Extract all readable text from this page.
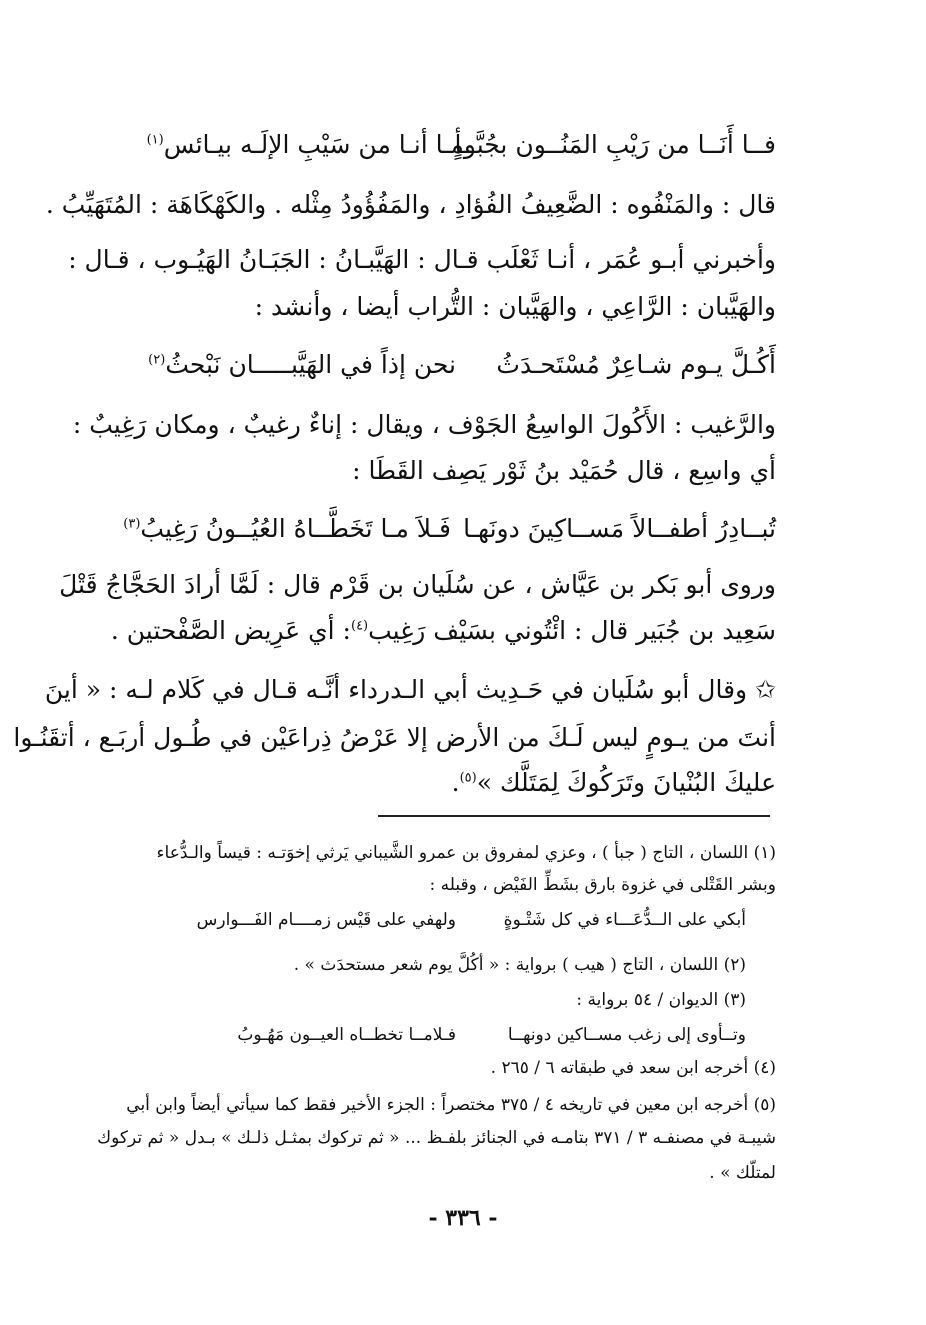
فــا أَنَــا من رَيْبِ المَنُــون بجُبَّــأٍ
ومـا أنـا من سَيْبِ الإلَـه بيـائس$^{(١)}$
قال : والمَنْفُوه : الضَّعِيفُ الفُؤادِ ، والمَفُؤُودُ مِثْله . والكَهْكَاهَة : المُتَهَيِّبُ .
وأخبرني أبـو عُمَر ، أنـا ثَعْلَب قـال : الهَيَّبـانُ : الجَبَـانُ الهَيُـوب ، قـال :
والهَيَّبان : الرَّاعِي ، والهَيَّبان : التُّراب أيضا ، وأنشد :
أَكُـلَّ يـوم شـاعِرٌ مُسْتَحـدَثُ
نحن إذاً في الهَيَّبـــــان نَبْحثُ$^{(٢)}$
والرَّغيب : الأَكُولَ الواسِعُ الجَوْف ، ويقال : إناءٌ رغيبٌ ، ومكان رَغِيبٌ :
أي واسِع ، قال حُمَيْد بنُ ثَوْر يَصِف القَطَا :
تُبــادِرُ أطفــالاً مَســاكِينَ دونَهـا
فَـلاَ مـا تَخَطَّــاهُ العُيُــونُ رَغِيبُ$^{(٣)}$
وروى أبو بَكر بن عَيَّاش ، عن سُلَيان بن قَرْم قال : لَمَّا أرادَ الحَجَّاجُ قَتْلَ
سَعِيد بن جُبَير قال : ائْتُوني بسَيْف رَغِيب$^{(٤)}$: أي عَرِيض الصَّفْحتين .
✩ وقال أبو سُلَيان في حَـدِيث أبي الـدرداء أنَّـه قـال في كَلام لـه : « أينَ
أنتَ من يـومٍ ليس لَـكَ من الأرض إلا عَرْضُ ذِراعَيْن في طُـول أربَـع ، أتقَنُـوا
عليكَ البُنْيانَ وتَرَكُوكَ لِمَتَلَّك »$^{(٥)}$.
(١) اللسان ، التاج ( جبأ ) ، وعزي لمفروق بن عمرو الشَّيباني يَرثي إخوَتـه : قيساً والـدُّعاء
وبشر القَتْلى في غزوة بارق بشَطِّ الفَيْض ، وقبله :
أبكي على الــدُّعَـــاء في كل شَتْـوةٍ
ولهفي على قَيْس زمــــام الفَـــوارس
(٢) اللسان ، التاج ( هيب ) برواية : « أكُلَّ يوم شعر مستحدَث » .
(٣) الديوان / ٥٤ برواية :
وتــأوى إلى زغب مســاكين دونهــا
فـلامــا تخطــاه العيــون مَهُـوبُ
(٤) أخرجه ابن سعد في طبقاته ٦ / ٢٦٥ .
(٥) أخرجه ابن معين في تاريخه ٤ / ٣٧٥ مختصراً : الجزء الأخير فقط كما سيأتي أيضاً وابن أبي
شيبـة في مصنفـه ٣ / ٣٧١ بتامـه في الجنائز بلفـظ ... « ثم تركوك بمثـل ذلـك » بـدل « ثم تركوك
لمتلّك » .
- ٣٣٦ -
